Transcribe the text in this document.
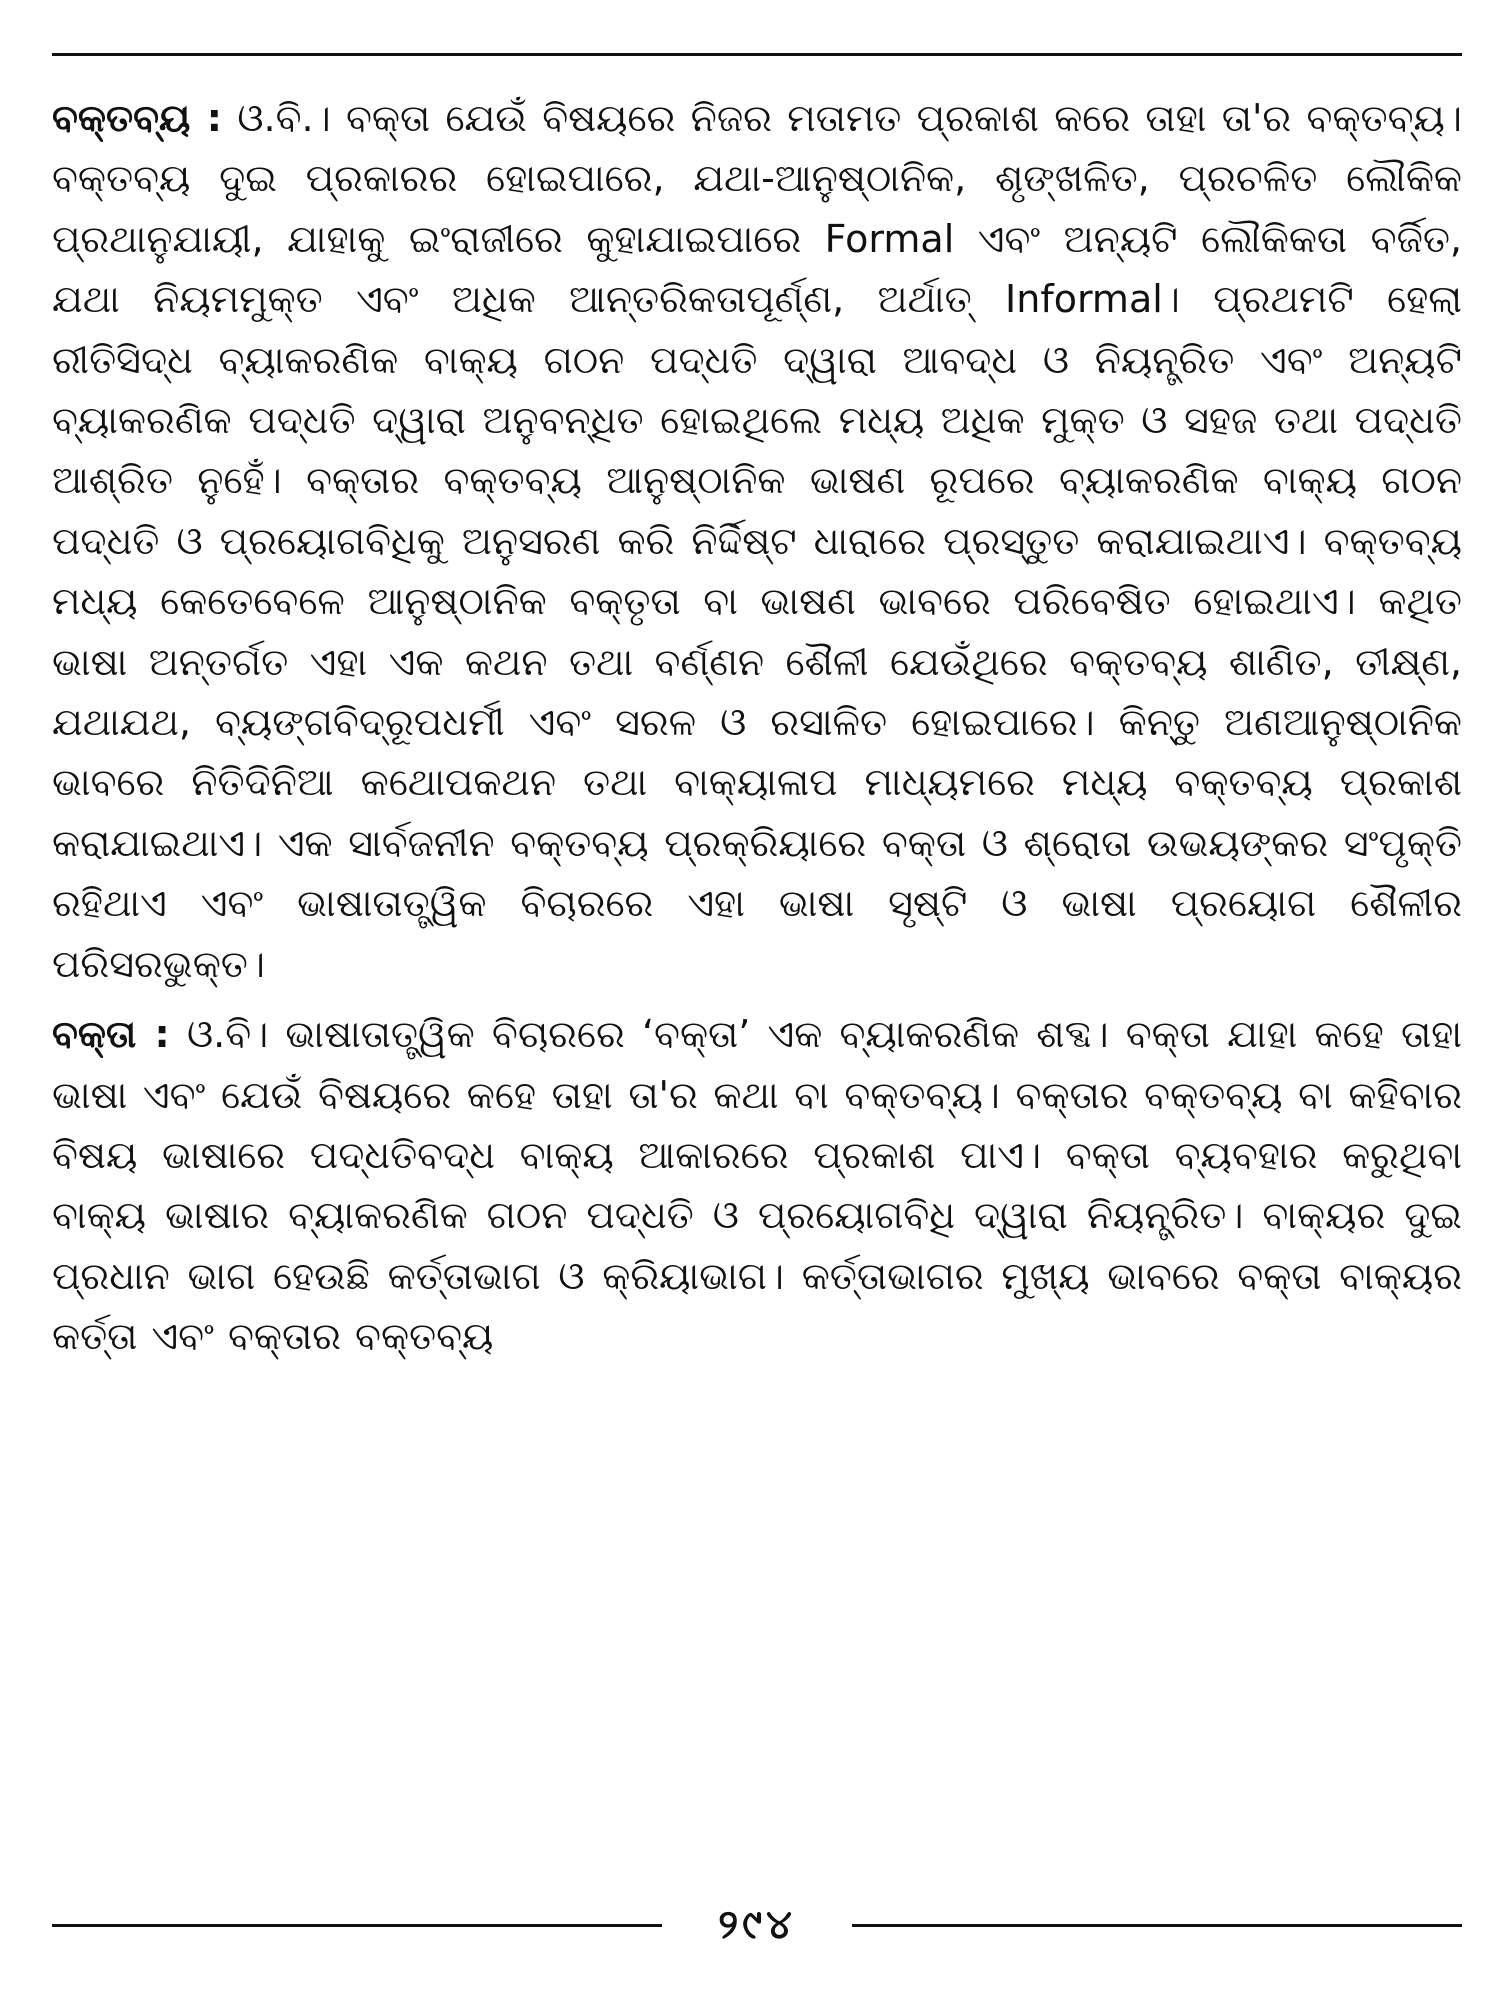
ବକ୍ତବ୍ୟ : ଓ.ବି.। ବକ୍ତା ଯେଉଁ ବିଷୟରେ ନିଜର ମତାମତ ପ୍ରକାଶ କରେ ତାହା ତା'ର ବକ୍ତବ୍ୟ। ବକ୍ତବ୍ୟ ଦୁଇ ପ୍ରକାରର ହୋଇପାରେ, ଯଥା-ଆନୁଷ୍ଠାନିକ, ଶୃଙ୍ଖଳିତ, ପ୍ରଚଳିତ ଲୌକିକ ପ୍ରଥାନୁଯାୟୀ, ଯାହାକୁ ଇଂରାଜୀରେ କୁହାଯାଇପାରେ Formal ଏବଂ ଅନ୍ୟଟି ଲୌକିକତା ବର୍ଜିତ, ଯଥା ନିୟମମୁକ୍ତ ଏବଂ ଅଧିକ ଆନ୍ତରିକତାପୂର୍ଣ୍ଣ, ଅର୍ଥାତ୍ Informal। ପ୍ରଥମଟି ହେଲା ରୀତିସିଦ୍ଧ ବ୍ୟାକରଣିକ ବାକ୍ୟ ଗଠନ ପଦ୍ଧତି ଦ୍ୱାରା ଆବଦ୍ଧ ଓ ନିୟନ୍ତ୍ରିତ ଏବଂ ଅନ୍ୟଟି ବ୍ୟାକରଣିକ ପଦ୍ଧତି ଦ୍ୱାରା ଅନୁବନ୍ଧିତ ହୋଇଥିଲେ ମଧ୍ୟ ଅଧିକ ମୁକ୍ତ ଓ ସହଜ ତଥା ପଦ୍ଧତି ଆଶ୍ରିତ ନୁହେଁ। ବକ୍ତାର ବକ୍ତବ୍ୟ ଆନୁଷ୍ଠାନିକ ଭାଷଣ ରୂପରେ ବ୍ୟାକରଣିକ ବାକ୍ୟ ଗଠନ ପଦ୍ଧତି ଓ ପ୍ରୟୋଗବିଧିକୁ ଅନୁସରଣ କରି ନିର୍ଦ୍ଦିଷ୍ଟ ଧାରାରେ ପ୍ରସ୍ତୁତ କରାଯାଇଥାଏ। ବକ୍ତବ୍ୟ ମଧ୍ୟ କେତେବେଳେ ଆନୁଷ୍ଠାନିକ ବକ୍ତୃତା ବା ଭାଷଣ ଭାବରେ ପରିବେଷିତ ହୋଇଥାଏ। କଥିତ ଭାଷା ଅନ୍ତର୍ଗତ ଏହା ଏକ କଥନ ତଥା ବର୍ଣ୍ଣନ ଶୈଳୀ ଯେଉଁଥିରେ ବକ୍ତବ୍ୟ ଶାଣିତ, ତୀକ୍ଷ୍ଣ, ଯଥାଯଥ, ବ୍ୟଙ୍ଗବିଦ୍ରୂପଧର୍ମୀ ଏବଂ ସରଳ ଓ ରସାଳିତ ହୋଇପାରେ। କିନ୍ତୁ ଅଣଆନୁଷ୍ଠାନିକ ଭାବରେ ନିତିଦିନିଆ କଥୋପକଥନ ତଥା ବାକ୍ୟାଳାପ ମାଧ୍ୟମରେ ମଧ୍ୟ ବକ୍ତବ୍ୟ ପ୍ରକାଶ କରାଯାଇଥାଏ। ଏକ ସାର୍ବଜନୀନ ବକ୍ତବ୍ୟ ପ୍ରକ୍ରିୟାରେ ବକ୍ତା ଓ ଶ୍ରୋତା ଉଭୟଙ୍କର ସଂପୃକ୍ତି ରହିଥାଏ ଏବଂ ଭାଷାତାତ୍ତ୍ୱିକ ବିଚାରରେ ଏହା ଭାଷା ସୃଷ୍ଟି ଓ ଭାଷା ପ୍ରୟୋଗ ଶୈଳୀର ପରିସରଭୁକ୍ତ।

ବକ୍ତା : ଓ.ବି। ଭାଷାତାତ୍ତ୍ୱିକ ବିଚାରରେ ‘ବକ୍ତା’ ଏକ ବ୍ୟାକରଣିକ ଶବ୍ଦ। ବକ୍ତା ଯାହା କହେ ତାହା ଭାଷା ଏବଂ ଯେଉଁ ବିଷୟରେ କହେ ତାହା ତା'ର କଥା ବା ବକ୍ତବ୍ୟ। ବକ୍ତାର ବକ୍ତବ୍ୟ ବା କହିବାର ବିଷୟ ଭାଷାରେ ପଦ୍ଧତିବଦ୍ଧ ବାକ୍ୟ ଆକାରରେ ପ୍ରକାଶ ପାଏ। ବକ୍ତା ବ୍ୟବହାର କରୁଥିବା ବାକ୍ୟ ଭାଷାର ବ୍ୟାକରଣିକ ଗଠନ ପଦ୍ଧତି ଓ ପ୍ରୟୋଗବିଧି ଦ୍ୱାରା ନିୟନ୍ତ୍ରିତ। ବାକ୍ୟର ଦୁଇ ପ୍ରଧାନ ଭାଗ ହେଉଛି କର୍ତ୍ତାଭାଗ ଓ କ୍ରିୟାଭାଗ। କର୍ତ୍ତାଭାଗର ମୁଖ୍ୟ ଭାବରେ ବକ୍ତା ବାକ୍ୟର କର୍ତ୍ତା ଏବଂ ବକ୍ତାର ବକ୍ତବ୍ୟ

୨୯୪
